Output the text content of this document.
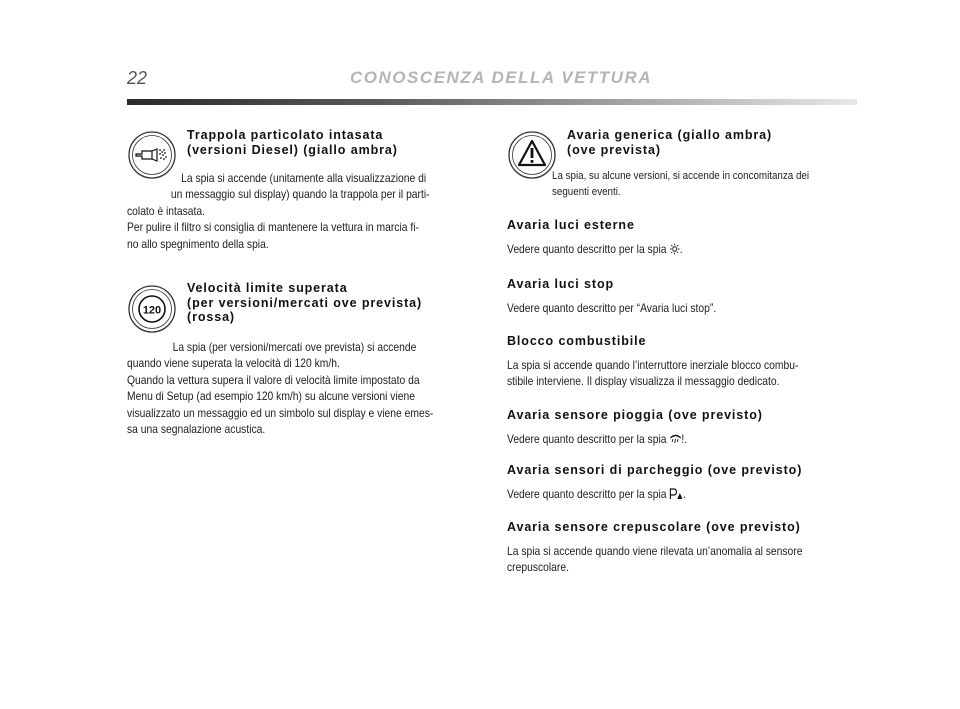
22	CONOSCENZA DELLA VETTURA

Trappola particolato intasata

(versioni Diesel) (giallo ambra)

La spia si accende (unitamente alla visualizzazione di

un messaggio sul display) quando la trappola per il parti-

colato è intasata.

Per pulire il filtro si consiglia di mantenere la vettura in marcia fi-

no allo spegnimento della spia.

120

Velocità limite superata

(per versioni/mercati ove prevista)

(rossa)

La spia (per versioni/mercati ove prevista) si accende

quando viene superata la velocità di 120 km/h.

Quando la vettura supera il valore di velocità limite impostato da

Menu di Setup (ad esempio 120 km/h) su alcune versioni viene

visualizzato un messaggio ed un simbolo sul display e viene emes-

sa una segnalazione acustica.

Avaria generica (giallo ambra)

(ove prevista)

La spia, su alcune versioni, si accende in concomitanza dei

seguenti eventi.

Avaria luci esterne

Vedere quanto descritto per la spia .

Avaria luci stop

Vedere quanto descritto per “Avaria luci stop”.

Blocco combustibile

La spia si accende quando l’interruttore inerziale blocco combu-

stibile interviene. Il display visualizza il messaggio dedicato.

Avaria sensore pioggia (ove previsto)

Vedere quanto descritto per la spia !.

Avaria sensori di parcheggio (ove previsto)

Vedere quanto descritto per la spia .

Avaria sensore crepuscolare (ove previsto)

La spia si accende quando viene rilevata un’anomalia al sensore

crepuscolare.
